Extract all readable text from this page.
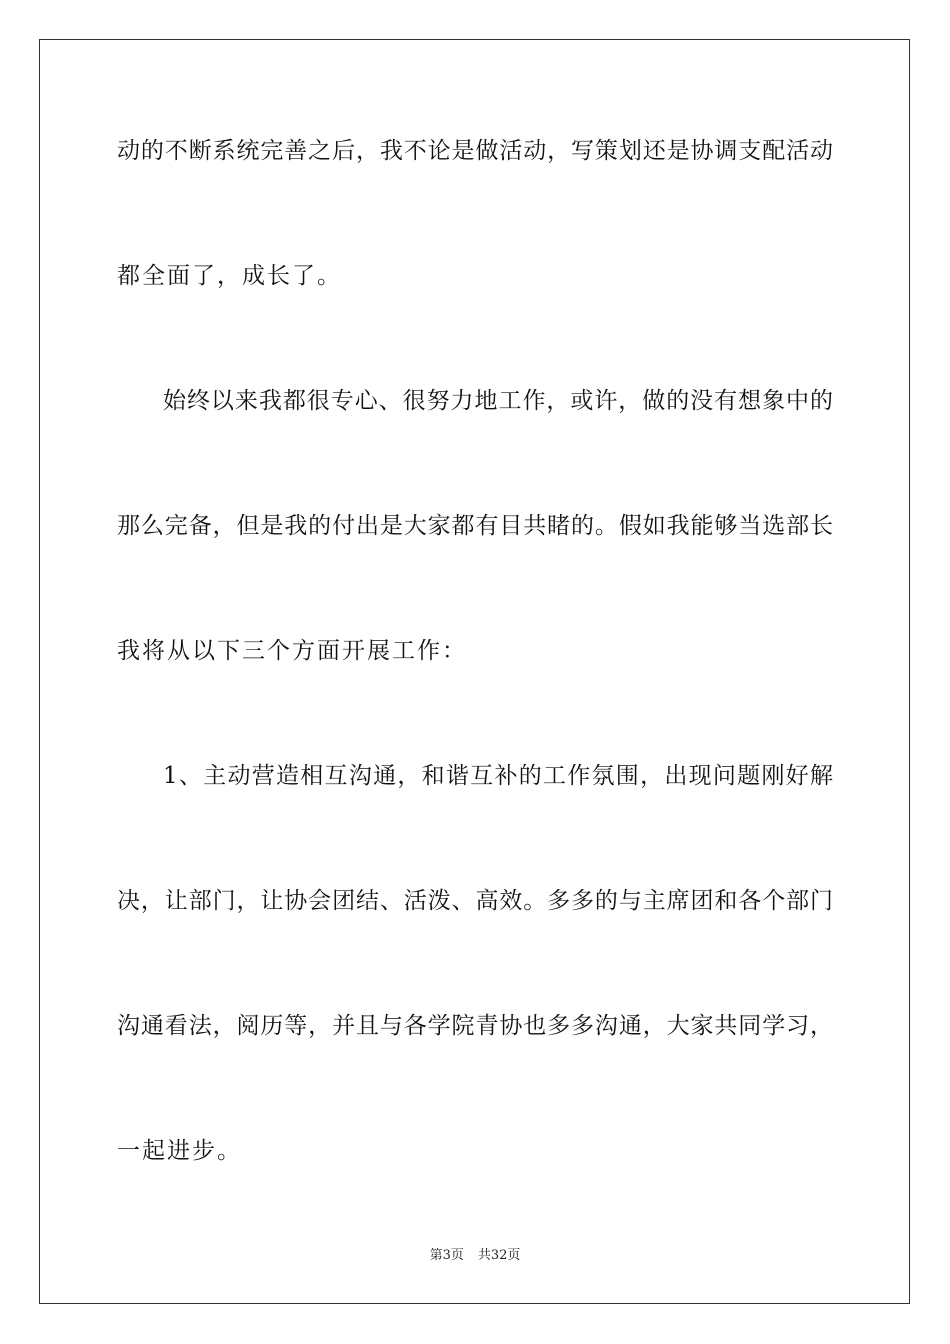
动的不断系统完善之后，我不论是做活动，写策划还是协调支配活动
都全面了，成长了。
始终以来我都很专心、很努力地工作，或许，做的没有想象中的
那么完备，但是我的付出是大家都有目共睹的。假如我能够当选部长
我将从以下三个方面开展工作：
1、主动营造相互沟通，和谐互补的工作氛围，出现问题刚好解
决，让部门，让协会团结、活泼、高效。多多的与主席团和各个部门
沟通看法，阅历等，并且与各学院青协也多多沟通，大家共同学习，
一起进步。
第3页 共32页
